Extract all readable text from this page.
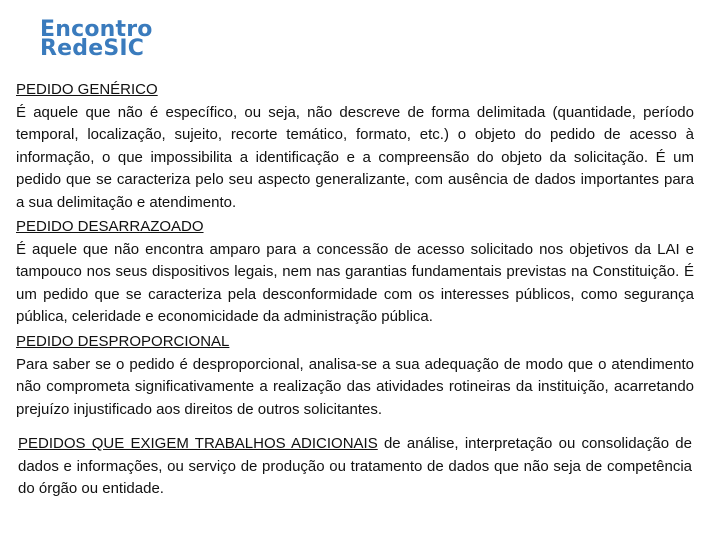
Encontro
RedeSIC
PEDIDO GENÉRICO
É aquele que não é específico, ou seja, não descreve de forma delimitada (quantidade, período temporal, localização, sujeito, recorte temático, formato, etc.) o objeto do pedido de acesso à informação, o que impossibilita a identificação e a compreensão do objeto da solicitação. É um pedido que se caracteriza pelo seu aspecto generalizante, com ausência de dados importantes para a sua delimitação e atendimento.
PEDIDO DESARRAZOADO
É aquele que não encontra amparo para a concessão de acesso solicitado nos objetivos da LAI e tampouco nos seus dispositivos legais, nem nas garantias fundamentais previstas na Constituição. É um pedido que se caracteriza pela desconformidade com os interesses públicos, como segurança pública, celeridade e economicidade da administração pública.
PEDIDO DESPROPORCIONAL
Para saber se o pedido é desproporcional, analisa-se a sua adequação de modo que o atendimento não comprometa significativamente a realização das atividades rotineiras da instituição, acarretando prejuízo injustificado aos direitos de outros solicitantes.
PEDIDOS QUE EXIGEM TRABALHOS ADICIONAIS de análise, interpretação ou consolidação de dados e informações, ou serviço de produção ou tratamento de dados que não seja de competência do órgão ou entidade.
